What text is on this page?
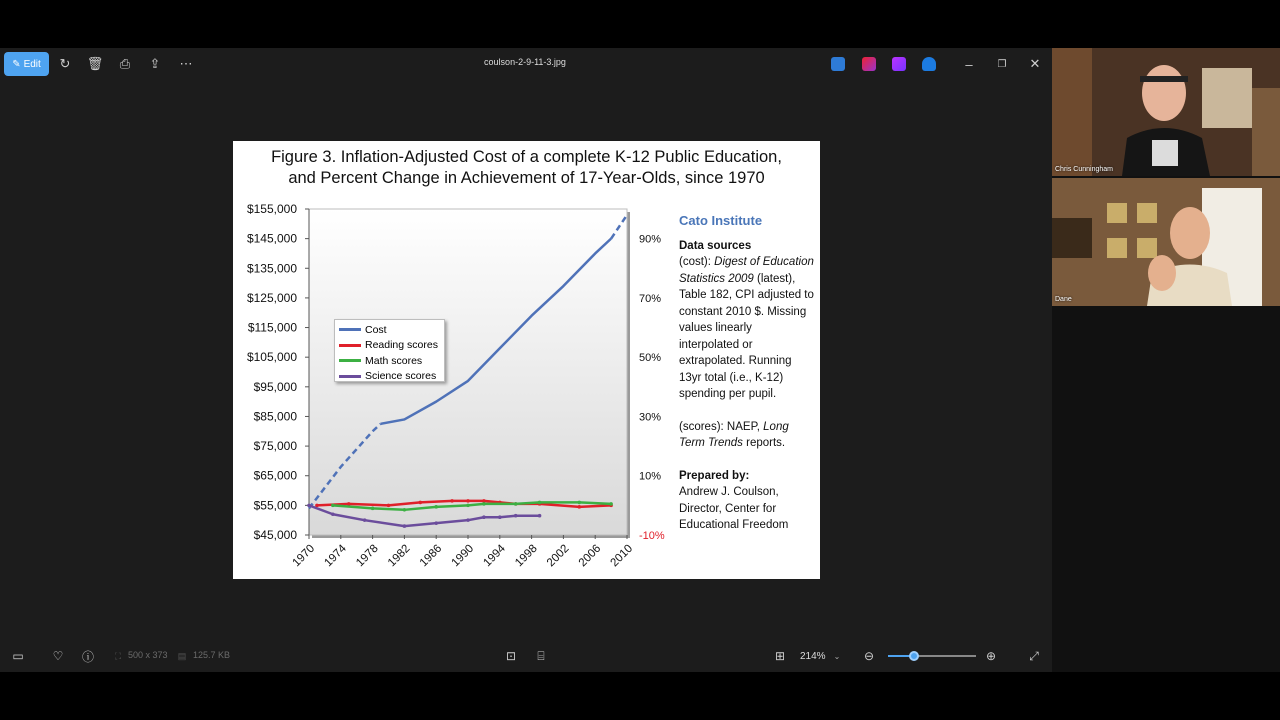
✎ Edit	↻	🗑	⎙	⇪	⋯	coulson-2-9-11-3.jpg	–	❐	✕
$45,000
$55,000
$65,000
$75,000
$85,000
$95,000
$105,000
$115,000
$125,000
$135,000
$145,000
$155,000
-10%
10%
30%
50%
70%
90%
1970 1974 1978 1982 1986 1990 1994 1998 2002 2006 2010
Figure 3. Inflation-Adjusted Cost of a complete K-12 Public Education,
and Percent Change in Achievement of 17-Year-Olds, since 1970
Cost
Reading scores
Math scores
Science scores
Cato Institute

Data sources

(cost): Digest of Education Statistics 2009 (latest), Table 182, CPI adjusted to constant 2010 $. Missing values linearly interpolated or extrapolated. Running 13yr total (i.e., K-12) spending per pupil.

(scores): NAEP, Long Term Trends reports.

Prepared by:

Andrew J. Coulson,

Director, Center for Educational Freedom

▭ ♡ ⓘ	⛶ 500 x 373	▤ 125.7 KB	⊡	⌸	⊞ 214% ⌄ ⊖	⊕	⤢
Chris Cunningham
Dane
